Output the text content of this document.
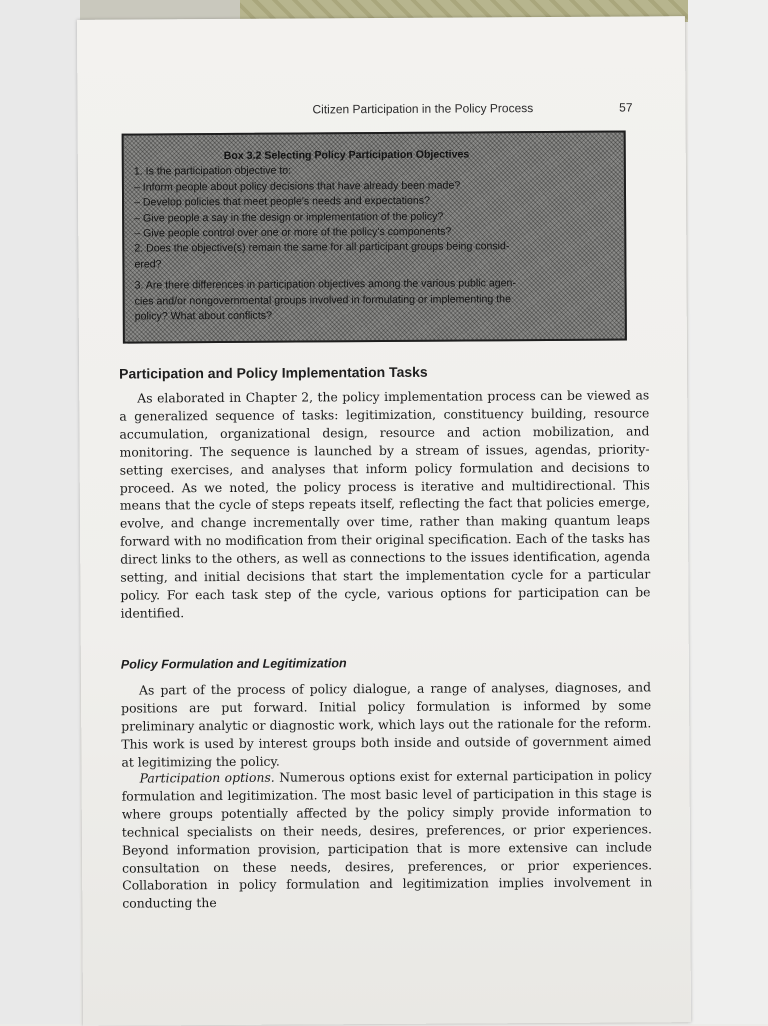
Citizen Participation in the Policy Process	57
Box 3.2 Selecting Policy Participation Objectives
1. Is the participation objective to:
– Inform people about policy decisions that have already been made?
– Develop policies that meet people's needs and expectations?
– Give people a say in the design or implementation of the policy?
– Give people control over one or more of the policy's components?
2. Does the objective(s) remain the same for all participant groups being consid-
ered?
3. Are there differences in participation objectives among the various public agen-
cies and/or nongovernmental groups involved in formulating or implementing the
policy? What about conflicts?
Participation and Policy Implementation Tasks

As elaborated in Chapter 2, the policy implementation process can be viewed as a generalized sequence of tasks: legitimization, constituency building, resource accumulation, organizational design, resource and action mobilization, and monitoring. The sequence is launched by a stream of issues, agendas, priority-setting exercises, and analyses that inform policy formulation and decisions to proceed. As we noted, the policy process is iterative and multidirectional. This means that the cycle of steps repeats itself, reflecting the fact that policies emerge, evolve, and change incrementally over time, rather than making quantum leaps forward with no modification from their original specification. Each of the tasks has direct links to the others, as well as connections to the issues identification, agenda setting, and initial decisions that start the implementation cycle for a particular policy. For each task step of the cycle, various options for participation can be identified.

Policy Formulation and Legitimization

As part of the process of policy dialogue, a range of analyses, diagnoses, and positions are put forward. Initial policy formulation is informed by some preliminary analytic or diagnostic work, which lays out the rationale for the reform. This work is used by interest groups both inside and outside of government aimed at legitimizing the policy.

Participation options. Numerous options exist for external participation in policy formulation and legitimization. The most basic level of participation in this stage is where groups potentially affected by the policy simply provide information to technical specialists on their needs, desires, preferences, or prior experiences. Beyond information provision, participation that is more extensive can include consultation on these needs, desires, preferences, or prior experiences. Collaboration in policy formulation and legitimization implies involvement in conducting the
